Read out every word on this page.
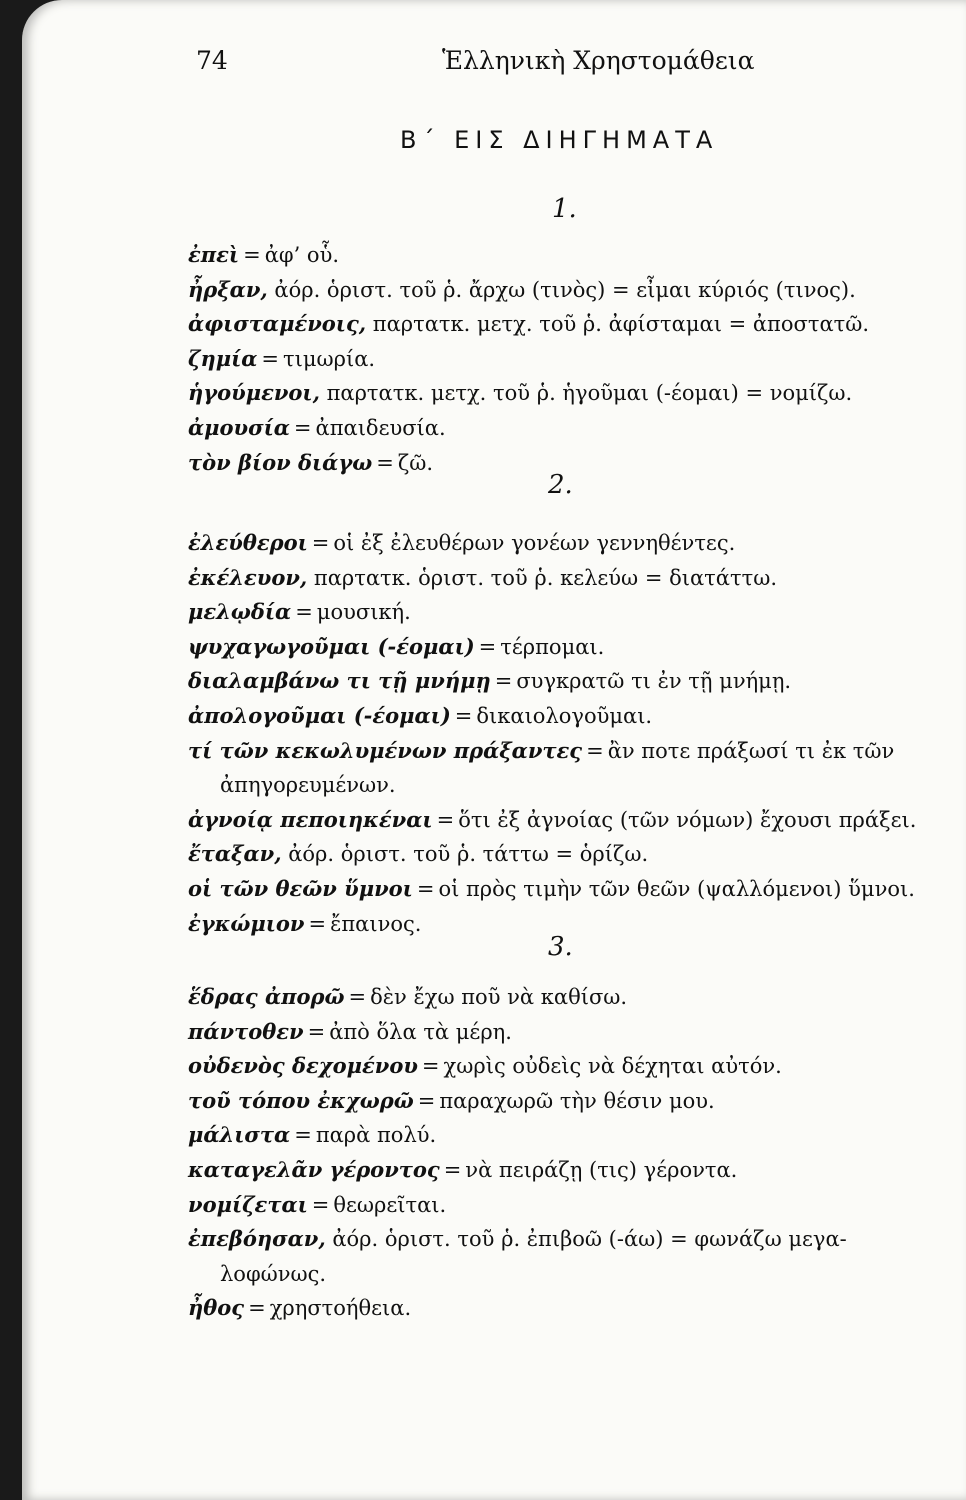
74	Ἑλληνικὴ Χρηστομάθεια
Β΄ ΕΙΣ ΔΙΗΓΗΜΑΤΑ
1.
ἐπεὶ = ἀφ’ οὗ.
ἦρξαν, ἀόρ. ὁριστ. τοῦ ῥ. ἄρχω (τινὸς) = εἶμαι κύριός (τινος).
ἀφισταμένοις, παρτατκ. μετχ. τοῦ ῥ. ἀφίσταμαι = ἀποστατῶ.
ζημία = τιμωρία.
ἡγούμενοι, παρτατκ. μετχ. τοῦ ῥ. ἡγοῦμαι (-έομαι) = νομίζω.
ἀμουσία = ἀπαιδευσία.
τὸν βίον διάγω = ζῶ.
2.
ἐλεύθεροι = οἱ ἐξ ἐλευθέρων γονέων γεννηθέντες.
ἐκέλευον, παρτατκ. ὁριστ. τοῦ ῥ. κελεύω = διατάττω.
μελῳδία = μουσική.
ψυχαγωγοῦμαι (-έομαι) = τέρπομαι.
διαλαμβάνω τι τῇ μνήμῃ = συγκρατῶ τι ἐν τῇ μνήμῃ.
ἀπολογοῦμαι (-έομαι) = δικαιολογοῦμαι.
τί τῶν κεκωλυμένων πράξαντες = ἂν ποτε πράξωσί τι ἐκ τῶν
ἀπηγορευμένων.
ἀγνοίᾳ πεποιηκέναι = ὅτι ἐξ ἀγνοίας (τῶν νόμων) ἔχουσι πράξει.
ἔταξαν, ἀόρ. ὁριστ. τοῦ ῥ. τάττω = ὁρίζω.
οἱ τῶν θεῶν ὕμνοι = οἱ πρὸς τιμὴν τῶν θεῶν (ψαλλόμενοι) ὕμνοι.
ἐγκώμιον = ἔπαινος.
3.
ἕδρας ἀπορῶ = δὲν ἔχω ποῦ νὰ καθίσω.
πάντοθεν = ἀπὸ ὅλα τὰ μέρη.
οὐδενὸς δεχομένου = χωρὶς οὐδεὶς νὰ δέχηται αὐτόν.
τοῦ τόπου ἐκχωρῶ = παραχωρῶ τὴν θέσιν μου.
μάλιστα = παρὰ πολύ.
καταγελᾶν γέροντος = νὰ πειράζῃ (τις) γέροντα.
νομίζεται = θεωρεῖται.
ἐπεβόησαν, ἀόρ. ὁριστ. τοῦ ῥ. ἐπιβοῶ (-άω) = φωνάζω μεγα-
λοφώνως.
ἦθος = χρηστοήθεια.
